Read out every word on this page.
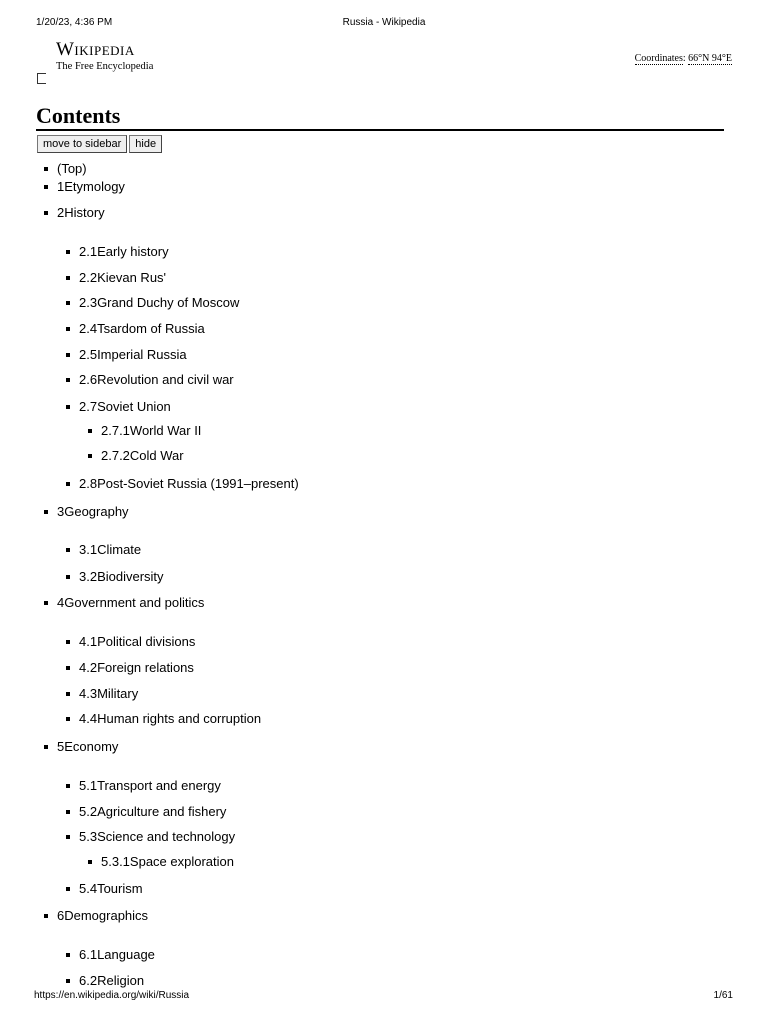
1/20/23, 4:36 PM	Russia - Wikipedia
Wikipedia
The Free Encyclopedia
Coordinates: 66°N 94°E
Contents
move to sidebar	hide
(Top)
1Etymology
2History
2.1Early history
2.2Kievan Rus'
2.3Grand Duchy of Moscow
2.4Tsardom of Russia
2.5Imperial Russia
2.6Revolution and civil war
2.7Soviet Union
2.7.1World War II
2.7.2Cold War
2.8Post-Soviet Russia (1991–present)
3Geography
3.1Climate
3.2Biodiversity
4Government and politics
4.1Political divisions
4.2Foreign relations
4.3Military
4.4Human rights and corruption
5Economy
5.1Transport and energy
5.2Agriculture and fishery
5.3Science and technology
5.3.1Space exploration
5.4Tourism
6Demographics
6.1Language
6.2Religion
https://en.wikipedia.org/wiki/Russia	1/61
